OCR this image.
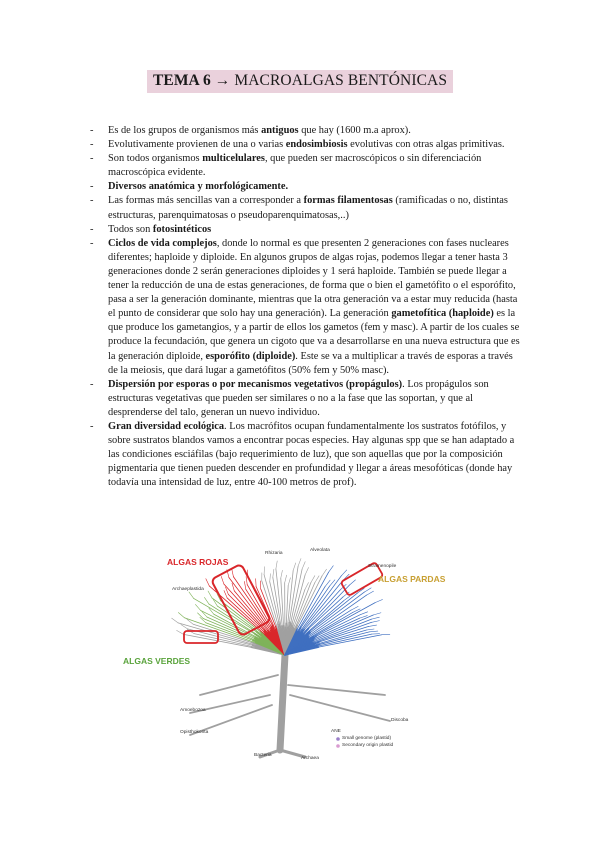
TEMA 6 → MACROALGAS BENTÓNICAS
- Es de los grupos de organismos más antiguos que hay (1600 m.a aprox).
- Evolutivamente provienen de una o varias endosimbiosis evolutivas con otras algas primitivas.
- Son todos organismos multicelulares, que pueden ser macroscópicos o sin diferenciación macroscópica evidente.
- Diversos anatómica y morfológicamente.
- Las formas más sencillas van a corresponder a formas filamentosas (ramificadas o no, distintas estructuras, parenquimatosas o pseudoparenquimatosas,..)
- Todos son fotosintéticos
- Ciclos de vida complejos, donde lo normal es que presenten 2 generaciones con fases nucleares diferentes; haploide y diploide. En algunos grupos de algas rojas, podemos llegar a tener hasta 3 generaciones donde 2 serán generaciones diploides y 1 será haploide. También se puede llegar a tener la reducción de una de estas generaciones, de forma que o bien el gametófito o el esporófito, pasa a ser la generación dominante, mientras que la otra generación va a estar muy reducida (hasta el punto de considerar que solo hay una generación). La generación gametofítica (haploide) es la que produce los gametangios, y a partir de ellos los gametos (fem y masc). A partir de los cuales se produce la fecundación, que genera un cigoto que va a desarrollarse en una nueva estructura que es la generación diploide, esporófito (diploide). Este se va a multiplicar a través de esporas a través de la meiosis, que dará lugar a gametófitos (50% fem y 50% masc).
- Dispersión por esporas o por mecanismos vegetativos (propágulos). Los propágulos son estructuras vegetativas que pueden ser similares o no a la fase que las soportan, y que al desprenderse del talo, generan un nuevo individuo.
- Gran diversidad ecológica. Los macrófitos ocupan fundamentalmente los sustratos fotófilos, y sobre sustratos blandos vamos a encontrar pocas especies. Hay algunas spp que se han adaptado a las condiciones esciáfilas (bajo requerimiento de luz), que son aquellas que por la composición pigmentaria que tienen pueden descender en profundidad y llegar a áreas mesofóticas (donde hay todavía una intensidad de luz, entre 40-100 metros de prof).
ALGAS ROJAS
ALGAS PARDAS
ALGAS VERDES
Rhizaria
Alveolata
Stramenopile
Archaeplastida
Amoebozoa
Opisthokonta
Discoba
Bacteria
Archaea
ANE
Small genome (plastid)
Secondary origin plastid
